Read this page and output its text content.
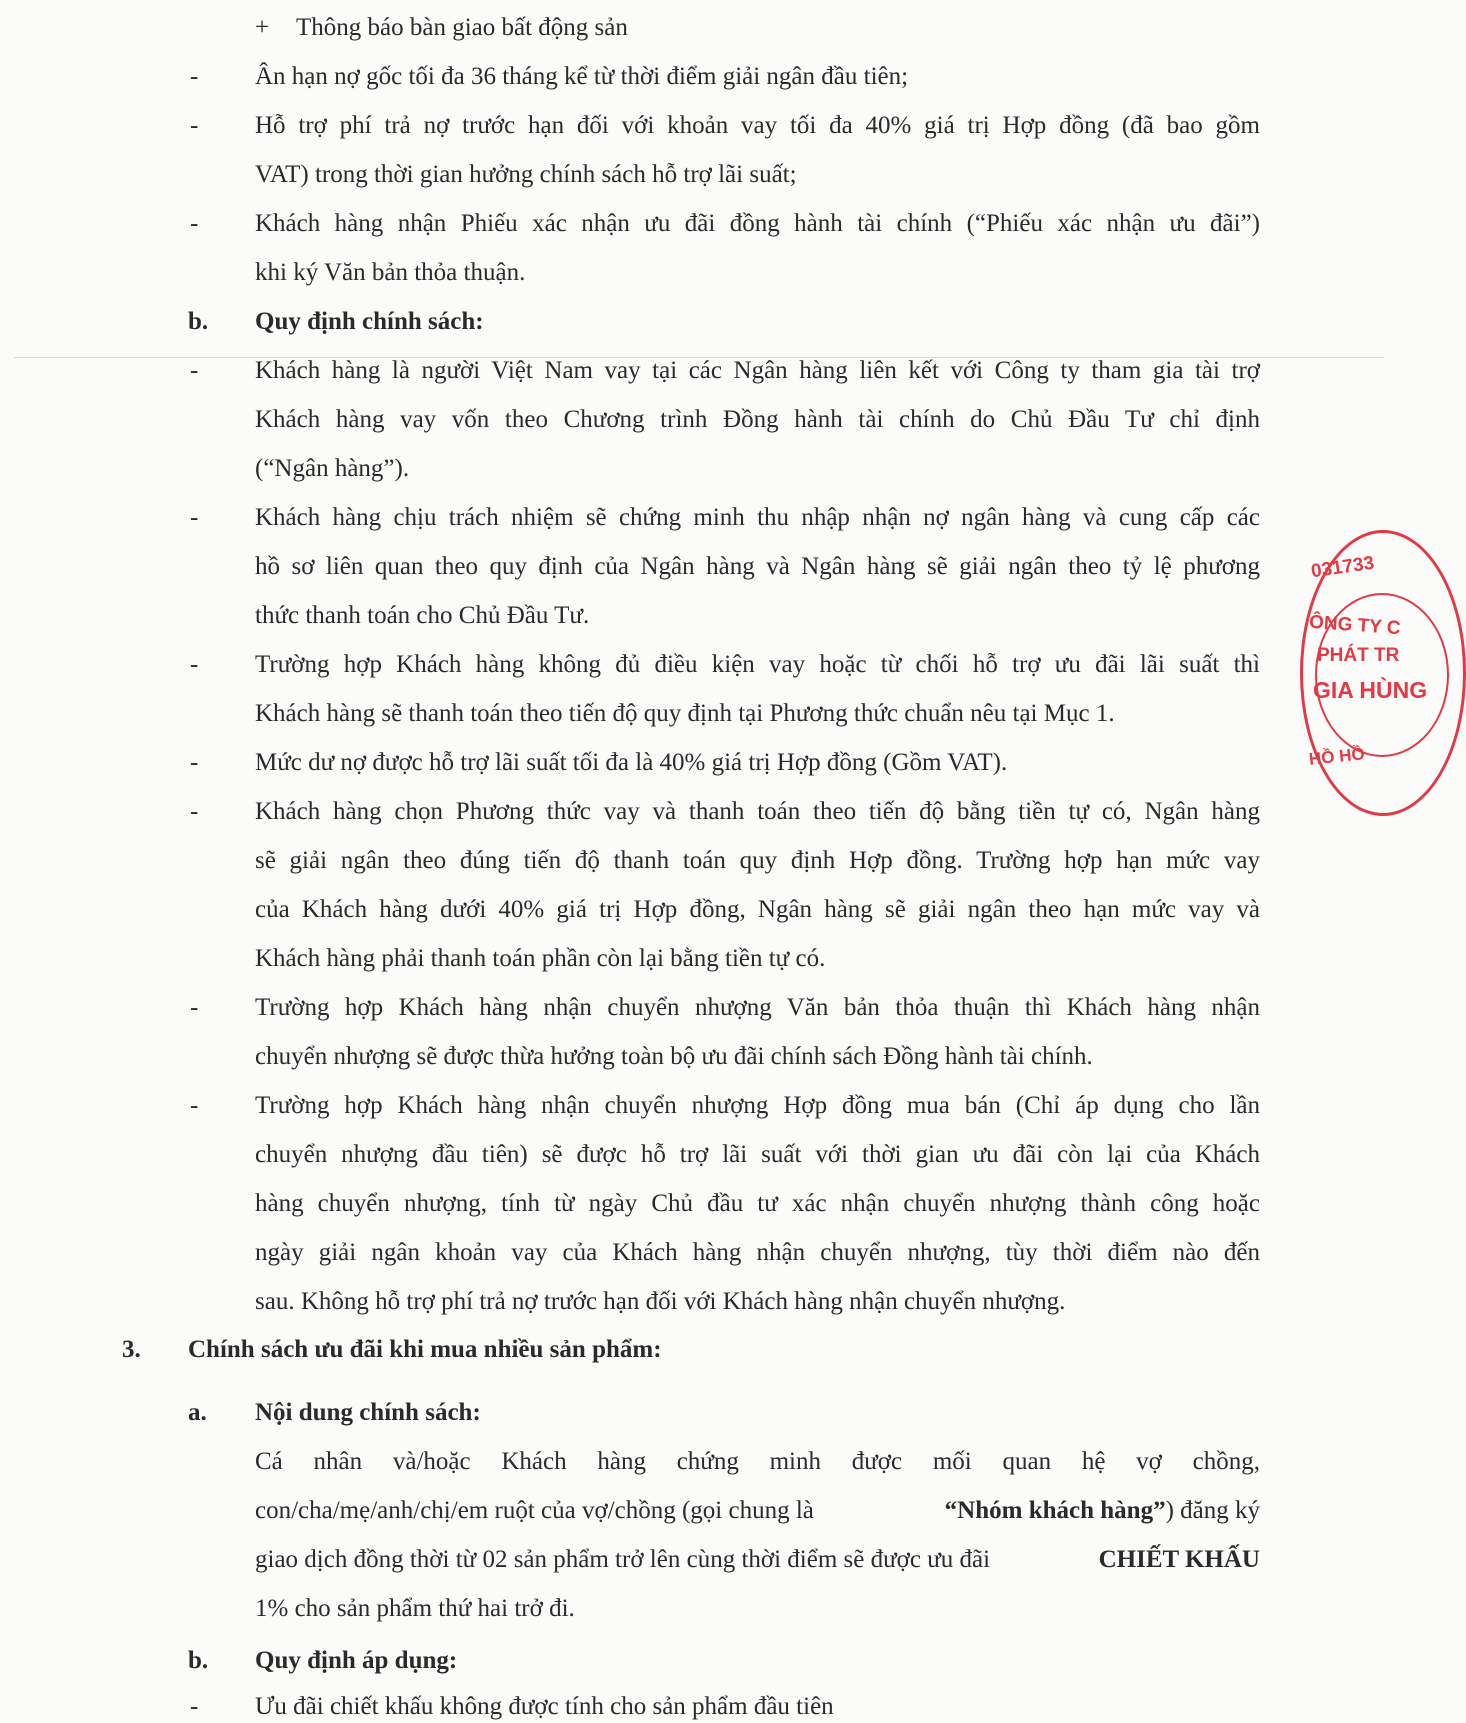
+ Thông báo bàn giao bất động sản
- Ân hạn nợ gốc tối đa 36 tháng kể từ thời điểm giải ngân đầu tiên;
- Hỗ trợ phí trả nợ trước hạn đối với khoản vay tối đa 40% giá trị Hợp đồng (đã bao gồm
VAT) trong thời gian hưởng chính sách hỗ trợ lãi suất;
- Khách hàng nhận Phiếu xác nhận ưu đãi đồng hành tài chính (“Phiếu xác nhận ưu đãi”)
khi ký Văn bản thỏa thuận.
b. Quy định chính sách:
- Khách hàng là người Việt Nam vay tại các Ngân hàng liên kết với Công ty tham gia tài trợ
Khách hàng vay vốn theo Chương trình Đồng hành tài chính do Chủ Đầu Tư chỉ định
(“Ngân hàng”).
- Khách hàng chịu trách nhiệm sẽ chứng minh thu nhập nhận nợ ngân hàng và cung cấp các
hồ sơ liên quan theo quy định của Ngân hàng và Ngân hàng sẽ giải ngân theo tỷ lệ phương
thức thanh toán cho Chủ Đầu Tư.
- Trường hợp Khách hàng không đủ điều kiện vay hoặc từ chối hỗ trợ ưu đãi lãi suất thì
Khách hàng sẽ thanh toán theo tiến độ quy định tại Phương thức chuẩn nêu tại Mục 1.
- Mức dư nợ được hỗ trợ lãi suất tối đa là 40% giá trị Hợp đồng (Gồm VAT).
- Khách hàng chọn Phương thức vay và thanh toán theo tiến độ bằng tiền tự có, Ngân hàng
sẽ giải ngân theo đúng tiến độ thanh toán quy định Hợp đồng. Trường hợp hạn mức vay
của Khách hàng dưới 40% giá trị Hợp đồng, Ngân hàng sẽ giải ngân theo hạn mức vay và
Khách hàng phải thanh toán phần còn lại bằng tiền tự có.
- Trường hợp Khách hàng nhận chuyển nhượng Văn bản thỏa thuận thì Khách hàng nhận
chuyển nhượng sẽ được thừa hưởng toàn bộ ưu đãi chính sách Đồng hành tài chính.
- Trường hợp Khách hàng nhận chuyển nhượng Hợp đồng mua bán (Chỉ áp dụng cho lần
chuyển nhượng đầu tiên) sẽ được hỗ trợ lãi suất với thời gian ưu đãi còn lại của Khách
hàng chuyển nhượng, tính từ ngày Chủ đầu tư xác nhận chuyển nhượng thành công hoặc
ngày giải ngân khoản vay của Khách hàng nhận chuyển nhượng, tùy thời điểm nào đến
sau. Không hỗ trợ phí trả nợ trước hạn đối với Khách hàng nhận chuyển nhượng.
3. Chính sách ưu đãi khi mua nhiều sản phẩm:
a. Nội dung chính sách:
Cá nhân và/hoặc Khách hàng chứng minh được mối quan hệ vợ chồng,
con/cha/mẹ/anh/chị/em ruột của vợ/chồng (gọi chung là	“Nhóm khách hàng” ) đăng ký
giao dịch đồng thời từ 02 sản phẩm trở lên cùng thời điểm sẽ được ưu đãi	CHIẾT KHẤU
1% cho sản phẩm thứ hai trở đi.
b. Quy định áp dụng:
- Ưu đãi chiết khấu không được tính cho sản phẩm đầu tiên
031733
ÔNG TY C
PHÁT TR
GIA HÙNG
HỒ HỒ
